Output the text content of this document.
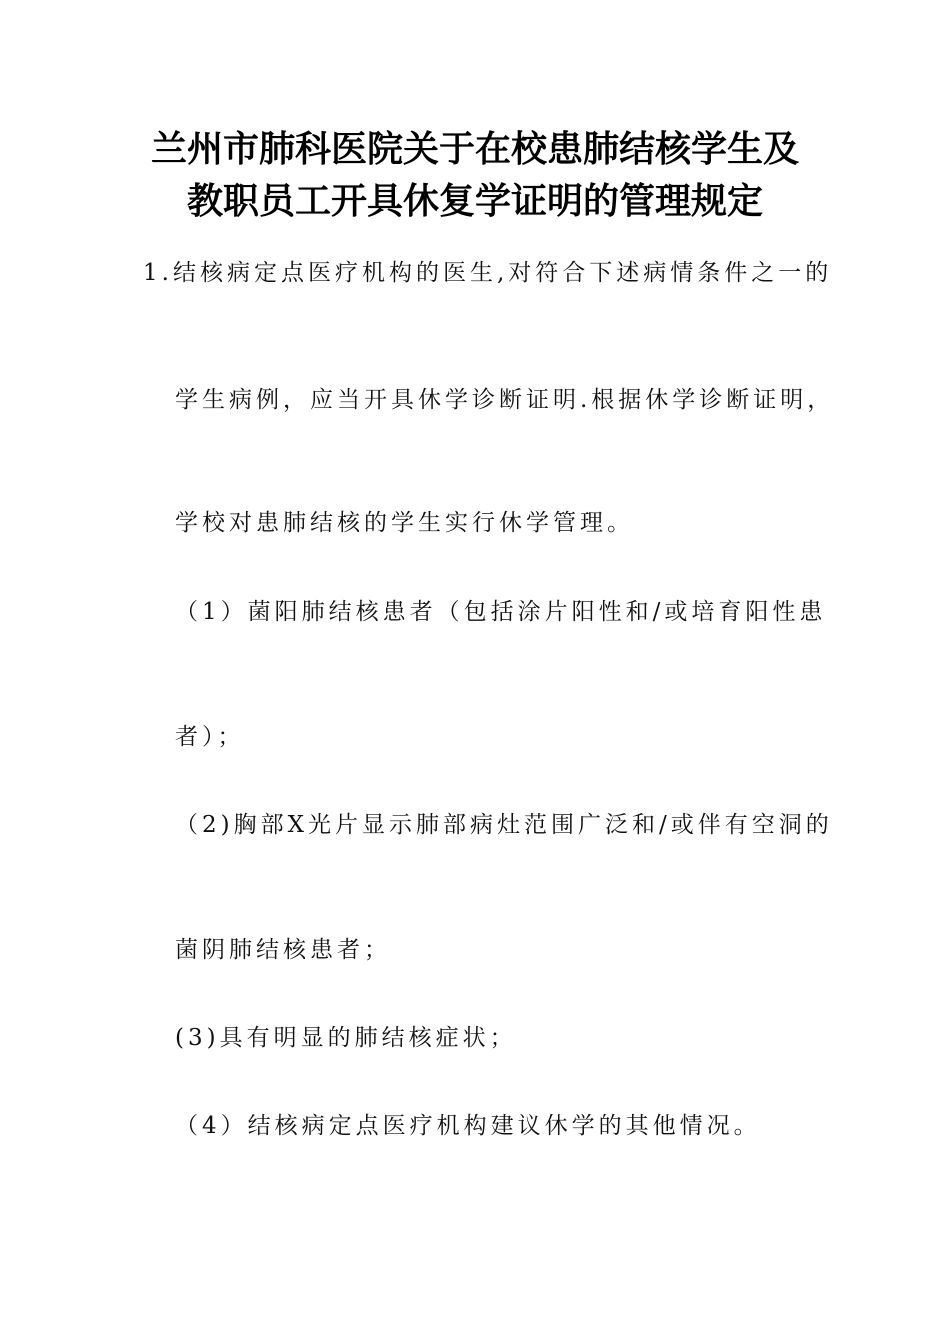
兰州市肺科医院关于在校患肺结核学生及
教职员工开具休复学证明的管理规定
1.结核病定点医疗机构的医生,对符合下述病情条件之一的
学生病例，应当开具休学诊断证明.根据休学诊断证明，
学校对患肺结核的学生实行休学管理。
（1）菌阳肺结核患者（包括涂片阳性和/或培育阳性患
者）；
（2)胸部X光片显示肺部病灶范围广泛和/或伴有空洞的
菌阴肺结核患者；
(3)具有明显的肺结核症状；
（4）结核病定点医疗机构建议休学的其他情况。
